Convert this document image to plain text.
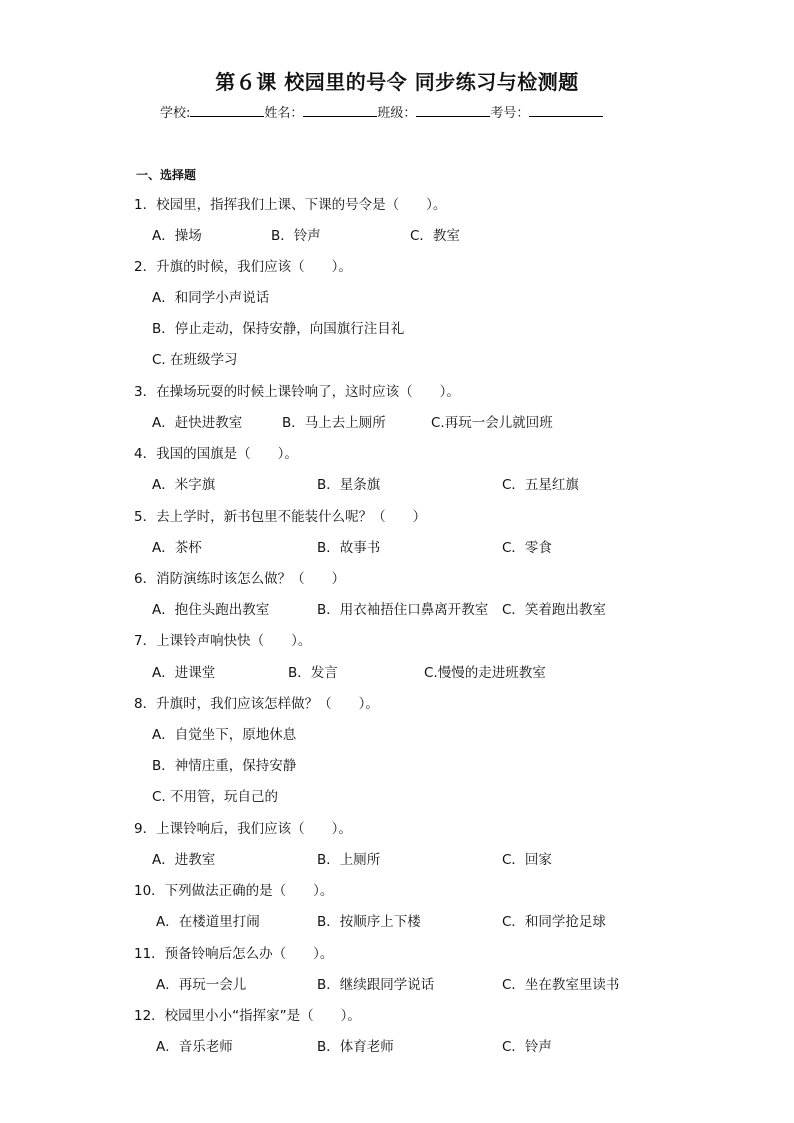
第６课 校园里的号令 同步练习与检测题
学校:	姓名：	班级：	考号：
一、选择题
1．校园里，指挥我们上课、下课的号令是（　　）。
A．操场	B．铃声	C．教室
2．升旗的时候，我们应该（　　）。
A．和同学小声说话
B．停止走动，保持安静，向国旗行注目礼
C. 在班级学习
3．在操场玩耍的时候上课铃响了，这时应该（　　）。
A．赶快进教室	B．马上去上厕所	C.再玩一会儿就回班
4．我国的国旗是（　　）。
A．米字旗	B．星条旗	C．五星红旗
5．去上学时，新书包里不能装什么呢？（　　）
A．茶杯	B．故事书	C．零食
6．消防演练时该怎么做？（　　）
A．抱住头跑出教室	B．用衣袖捂住口鼻离开教室 C．笑着跑出教室
7．上课铃声响快快（　　）。
A．进课堂	B．发言	C.慢慢的走进班教室
8．升旗时，我们应该怎样做？（　　）。
A．自觉坐下，原地休息
B．神情庄重，保持安静
C. 不用管，玩自己的
9．上课铃响后，我们应该（　　）。
A．进教室	B．上厕所	C．回家
10．下列做法正确的是（　　）。
A．在楼道里打闹	B．按顺序上下楼	C．和同学抢足球
11．预备铃响后怎么办（　　）。
A．再玩一会儿	B．继续跟同学说话	C．坐在教室里读书
12．校园里小小“指挥家”是（　　）。
A．音乐老师	B．体育老师	C．铃声
